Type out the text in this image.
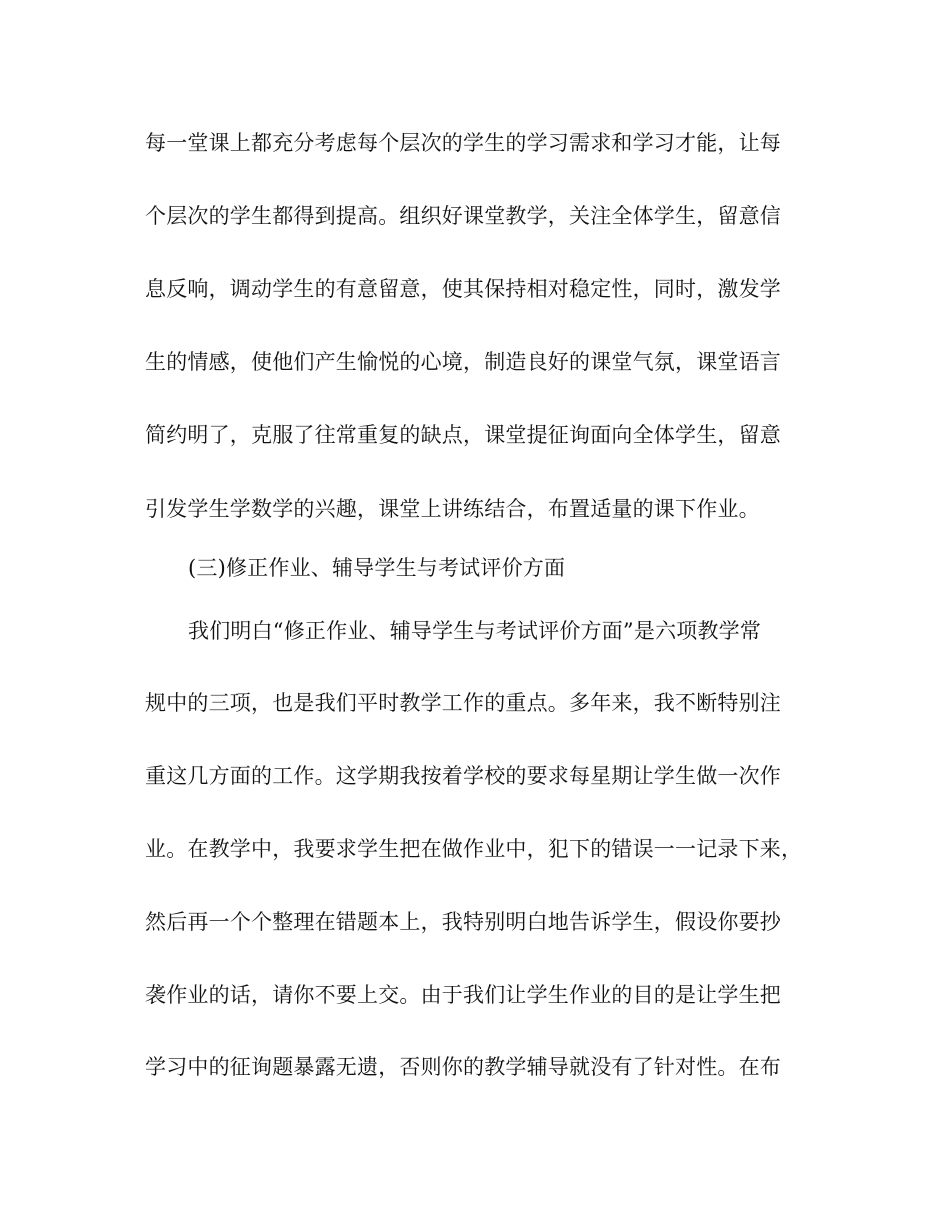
每一堂课上都充分考虑每个层次的学生的学习需求和学习才能，让每
个层次的学生都得到提高。组织好课堂教学，关注全体学生，留意信
息反响，调动学生的有意留意，使其保持相对稳定性，同时，激发学
生的情感，使他们产生愉悦的心境，制造良好的课堂气氛，课堂语言
简约明了，克服了往常重复的缺点，课堂提征询面向全体学生，留意
引发学生学数学的兴趣，课堂上讲练结合，布置适量的课下作业。
(三)修正作业、辅导学生与考试评价方面
我们明白“修正作业、辅导学生与考试评价方面”是六项教学常
规中的三项，也是我们平时教学工作的重点。多年来，我不断特别注
重这几方面的工作。这学期我按着学校的要求每星期让学生做一次作
业。在教学中，我要求学生把在做作业中，犯下的错误一一记录下来，
然后再一个个整理在错题本上，我特别明白地告诉学生，假设你要抄
袭作业的话，请你不要上交。由于我们让学生作业的目的是让学生把
学习中的征询题暴露无遗，否则你的教学辅导就没有了针对性。在布
